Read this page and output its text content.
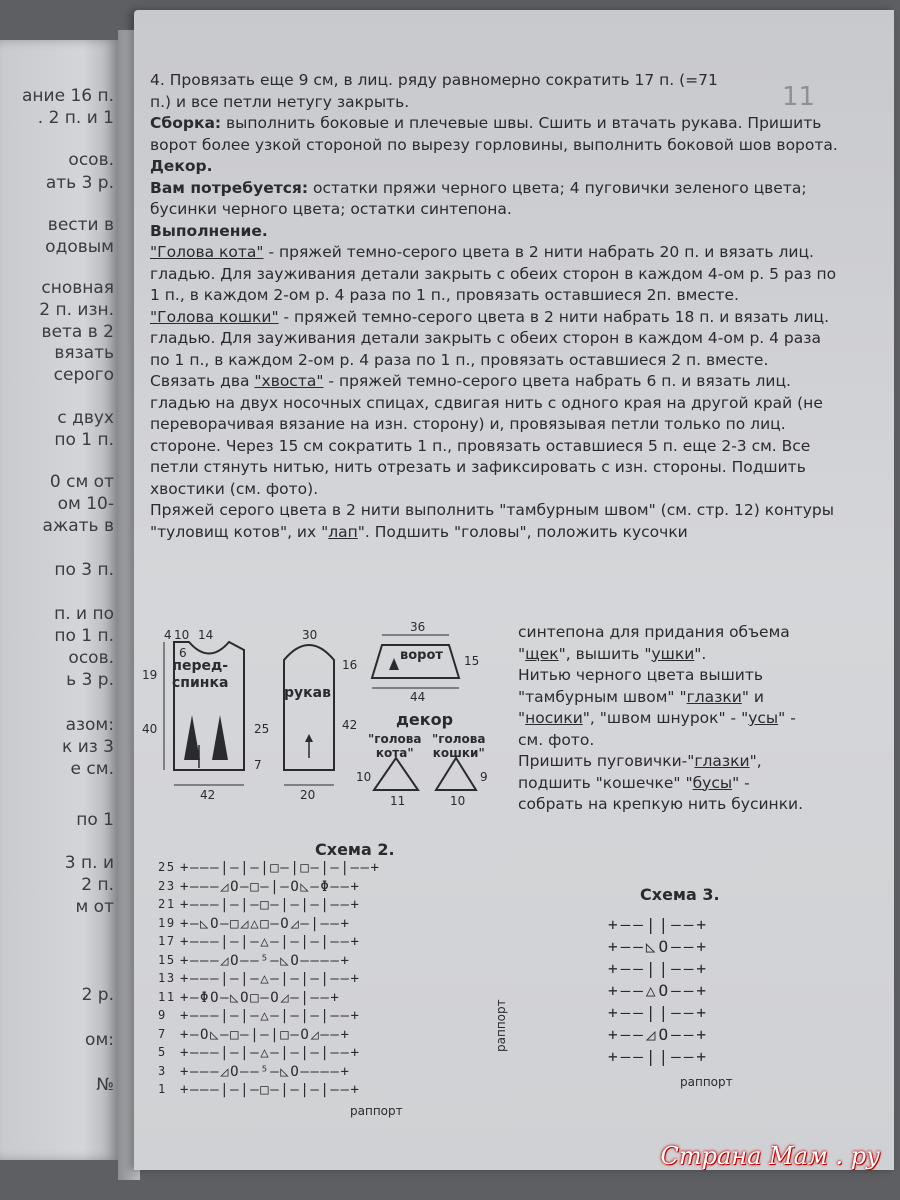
ание 16 п.
. 2 п. и 1
осов.
ать 3 р.
вести в
одовым
сновная
2 п. изн.
вета в 2
вязать
серого
с двух
по 1 п.
0 см от
ом 10-
ажать в
по 3 п.
п. и по
по 1 п.
осов.
ь 3 р.
азом:
к из 3
е см.
по 1
3 п. и
2 п.
м от
2 р.
ом:
№
11

4. Провязать еще 9 см, в лиц. ряду равномерно сократить 17 п. (=71

п.) и все петли нетугу закрыть.

Сборка: выполнить боковые и плечевые швы. Сшить и втачать рукава. Пришить ворот более узкой стороной по вырезу горловины, выполнить боковой шов ворота.

Декор.

Вам потребуется: остатки пряжи черного цвета; 4 пуговички зеленого цвета; бусинки черного цвета; остатки синтепона.

Выполнение.

"Голова кота" - пряжей темно-серого цвета в 2 нити набрать 20 п. и вязать лиц. гладью. Для зауживания детали закрыть с обеих сторон в каждом 4-ом р. 5 раз по 1 п., в каждом 2-ом р. 4 раза по 1 п., провязать оставшиеся 2п. вместе.

"Голова кошки" - пряжей темно-серого цвета в 2 нити набрать 18 п. и вязать лиц. гладью. Для зауживания детали закрыть с обеих сторон в каждом 4-ом р. 4 раза по 1 п., в каждом 2-ом р. 4 раза по 1 п., провязать оставшиеся 2 п. вместе.

Связать два "хвоста" - пряжей темно-серого цвета набрать 6 п. и вязать лиц. гладью на двух носочных спицах, сдвигая нить с одного края на другой край (не переворачивая вязание на изн. сторону) и, провязывая петли только по лиц. стороне. Через 15 см сократить 1 п., провязать оставшиеся 5 п. еще 2-3 см. Все петли стянуть нитью, нить отрезать и зафиксировать с изн. стороны. Подшить хвостики (см. фото).

Пряжей серого цвета в 2 нити выполнить "тамбурным швом" (см. стр. 12) контуры "туловищ котов", их "лап". Подшить "головы", положить кусочки

синтепона для придания объема "щек", вышить "ушки".

Нитью черного цвета вышить "тамбурным швом" "глазки" и "носики", "швом шнурок" - "усы" - см. фото.

Пришить пуговички-"глазки", подшить "кошечке" "бусы" - собрать на крепкую нить бусинки.

перед-
спинка
рукав
ворот
декор
"голова
кота"
"голова
кошки"
4 10 14
6
19
40	25
7
42
30
16
42
20
36
15
44
10
11
9
10
Схема 2.
раппорт
раппорт
25 +———|—|—|□—|□—|—|——+
23 +———◿O—□—|—O◺—Φ——+
21 +———|—|—□—|—|—|——+
19 +—◺O—□◿△□—O◿—|——+
17 +———|—|—△—|—|—|——+
15 +———◿O——⁵—◺O————+
13 +———|—|—△—|—|—|——+
11 +—ΦO—◺O□—O◿—|——+
9 +———|—|—△—|—|—|——+
7 +—O◺—□—|—|□—O◿——+
5 +———|—|—△—|—|—|——+
3 +———◿O——⁵—◺O————+
1 +———|—|—□—|—|—|——+
Схема 3.
раппорт
+——||——+
+——◺O——+
+——||——+
+——△O——+
+——||——+
+——◿O——+
+——||——+
Страна Мам . ру
